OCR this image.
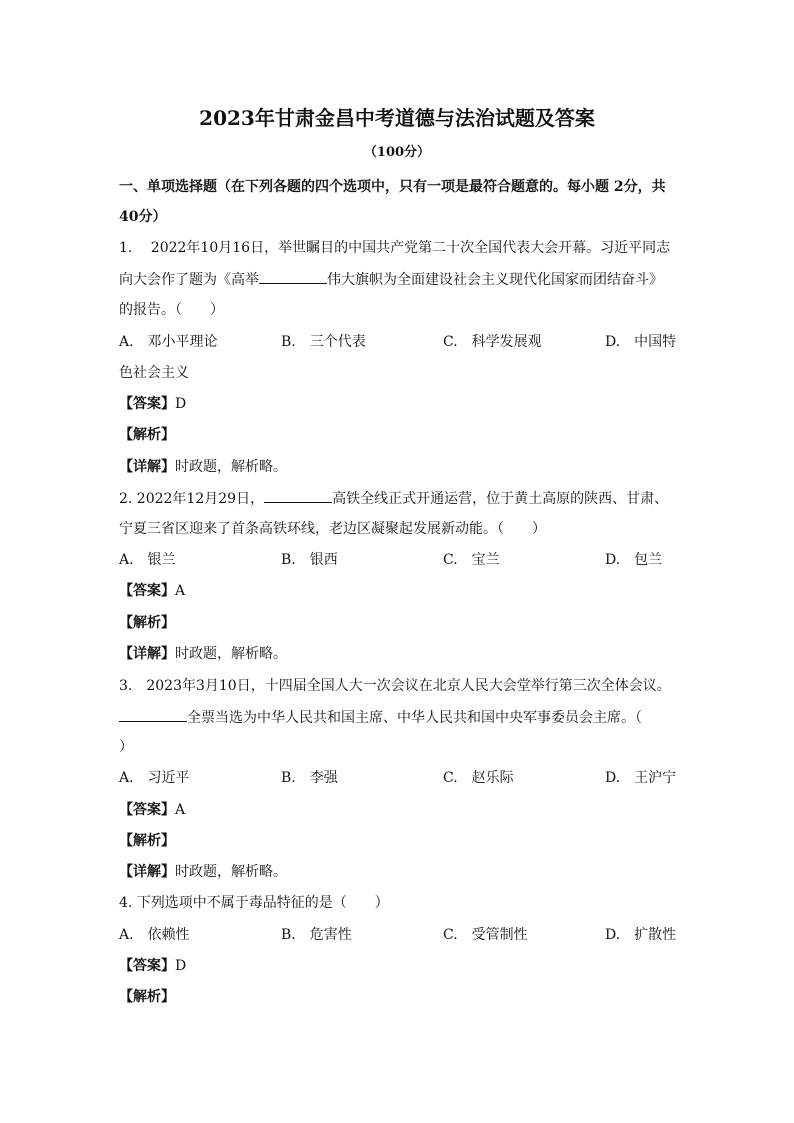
2023年甘肃金昌中考道德与法治试题及答案
（100分）
一、单项选择题（在下列各题的四个选项中，只有一项是最符合题意的。每小题 2分，共
40分）
1.　 2022年10月16日，举世瞩目的中国共产党第二十次全国代表大会开幕。习近平同志
向大会作了题为《高举	伟大旗帜为全面建设社会主义现代化国家而团结奋斗》
的报告。（　　）
A.　邓小平理论	B.　三个代表	C.　科学发展观	D.　中国特
色社会主义
【答案】D
【解析】
【详解】时政题，解析略。
2. 2022年12月29日，	高铁全线正式开通运营，位于黄土高原的陕西、甘肃、
宁夏三省区迎来了首条高铁环线，老边区凝聚起发展新动能。（　　）
A.　银兰	B.　银西	C.　宝兰	D.　包兰
【答案】A
【解析】
【详解】时政题，解析略。
3.　2023年3月10日，十四届全国人大一次会议在北京人民大会堂举行第三次全体会议。
全票当选为中华人民共和国主席、中华人民共和国中央军事委员会主席。（
）
A.　习近平	B.　李强	C.　赵乐际	D.　王沪宁
【答案】A
【解析】
【详解】时政题，解析略。
4. 下列选项中不属于毒品特征的是（　　）
A.　依赖性	B.　危害性	C.　受管制性	D.　扩散性
【答案】D
【解析】
